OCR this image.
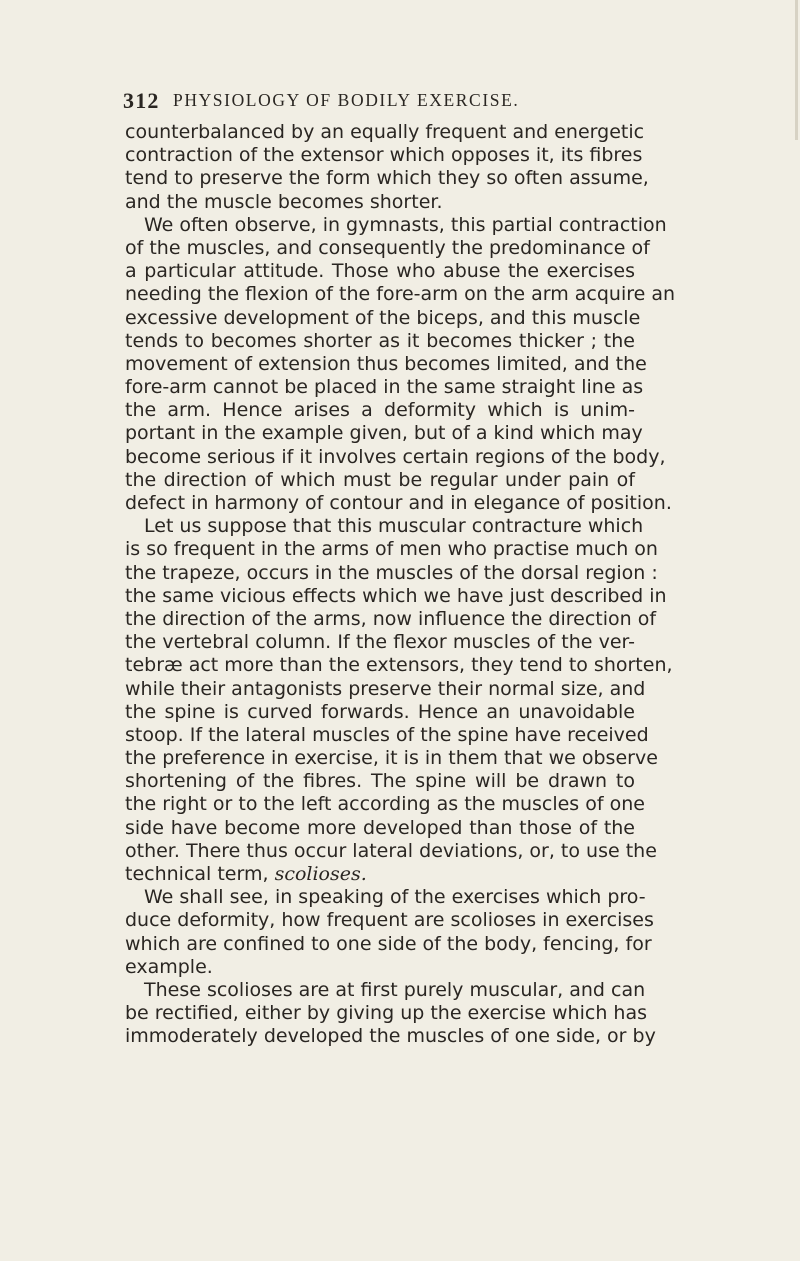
312 PHYSIOLOGY OF BODILY EXERCISE.
counterbalanced by an equally frequent and energetic
contraction of the extensor which opposes it, its fibres
tend to preserve the form which they so often assume,
and the muscle becomes shorter.
We often observe, in gymnasts, this partial contraction
of the muscles, and consequently the predominance of
a particular attitude. Those who abuse the exercises
needing the flexion of the fore-arm on the arm acquire an
excessive development of the biceps, and this muscle
tends to becomes shorter as it becomes thicker ; the
movement of extension thus becomes limited, and the
fore-arm cannot be placed in the same straight line as
the arm. Hence arises a deformity which is unim-
portant in the example given, but of a kind which may
become serious if it involves certain regions of the body,
the direction of which must be regular under pain of
defect in harmony of contour and in elegance of position.
Let us suppose that this muscular contracture which
is so frequent in the arms of men who practise much on
the trapeze, occurs in the muscles of the dorsal region :
the same vicious effects which we have just described in
the direction of the arms, now influence the direction of
the vertebral column. If the flexor muscles of the ver-
tebræ act more than the extensors, they tend to shorten,
while their antagonists preserve their normal size, and
the spine is curved forwards. Hence an unavoidable
stoop. If the lateral muscles of the spine have received
the preference in exercise, it is in them that we observe
shortening of the fibres. The spine will be drawn to
the right or to the left according as the muscles of one
side have become more developed than those of the
other. There thus occur lateral deviations, or, to use the
technical term, scolioses.
We shall see, in speaking of the exercises which pro-
duce deformity, how frequent are scolioses in exercises
which are confined to one side of the body, fencing, for
example.
These scolioses are at first purely muscular, and can
be rectified, either by giving up the exercise which has
immoderately developed the muscles of one side, or by
